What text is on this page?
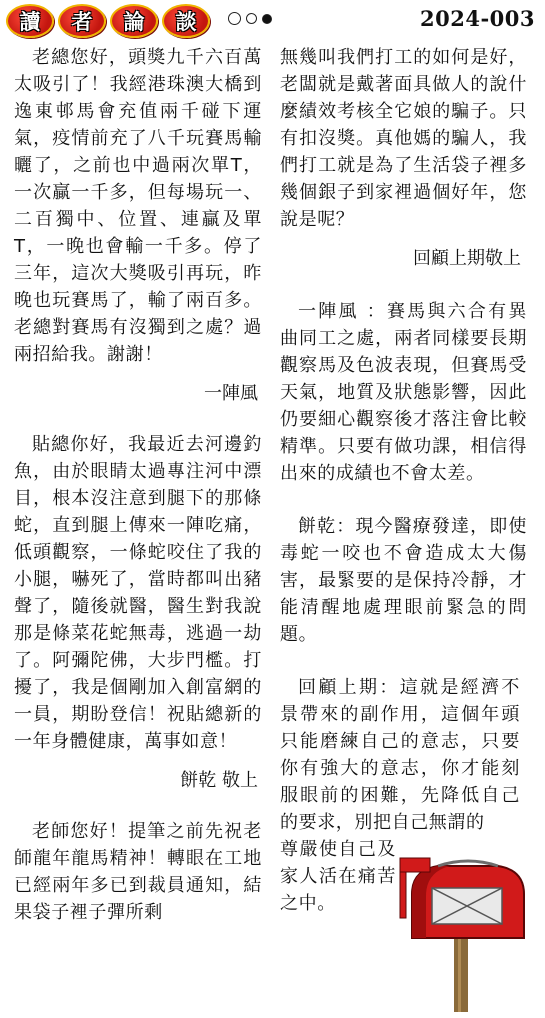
讀	者	論	談	2024-003

老總您好，頭獎九千六百萬太吸引了！我經港珠澳大橋到逸東邨馬會充值兩千碰下運氣，疫情前充了八千玩賽馬輸曬了，之前也中過兩次單T，一次贏一千多，但每場玩一、二百獨中、位置、連贏及單T，一晚也會輸一千多。停了三年，這次大獎吸引再玩，昨晚也玩賽馬了，輸了兩百多。老總對賽馬有沒獨到之處？過兩招給我。謝謝！

一陣風

貼總你好，我最近去河邊釣魚，由於眼睛太過專注河中漂目，根本沒注意到腿下的那條蛇，直到腿上傳來一陣吃痛，低頭觀察，一條蛇咬住了我的小腿，嚇死了，當時都叫出豬聲了，隨後就醫，醫生對我說那是條菜花蛇無毒，逃過一劫了。阿彌陀佛，大步門檻。打擾了，我是個剛加入創富網的一員，期盼登信！祝貼總新的一年身體健康，萬事如意！

餅乾 敬上

老師您好！提筆之前先祝老師龍年龍馬精神！轉眼在工地已經兩年多已到裁員通知，結果袋子裡子彈所剩

無幾叫我們打工的如何是好，老闆就是戴著面具做人的說什麼績效考核全它娘的騙子。只有扣沒獎。真他媽的騙人，我們打工就是為了生活袋子裡多幾個銀子到家裡過個好年，您說是呢？

回顧上期敬上

一陣風 ：賽馬與六合有異曲同工之處，兩者同樣要長期觀察馬及色波表現，但賽馬受天氣，地質及狀態影響，因此仍要細心觀察後才落注會比較精準。只要有做功課，相信得出來的成績也不會太差。

餅乾：現今醫療發達，即使毒蛇一咬也不會造成太大傷害，最緊要的是保持冷靜，才能清醒地處理眼前緊急的問題。

回顧上期：這就是經濟不景帶來的副作用，這個年頭只能磨練自己的意志，只要你有強大的意志，你才能刻服眼前的困難，先降低自己的要求，別把自己無謂的
尊嚴使自己及家人活在痛苦之中。
